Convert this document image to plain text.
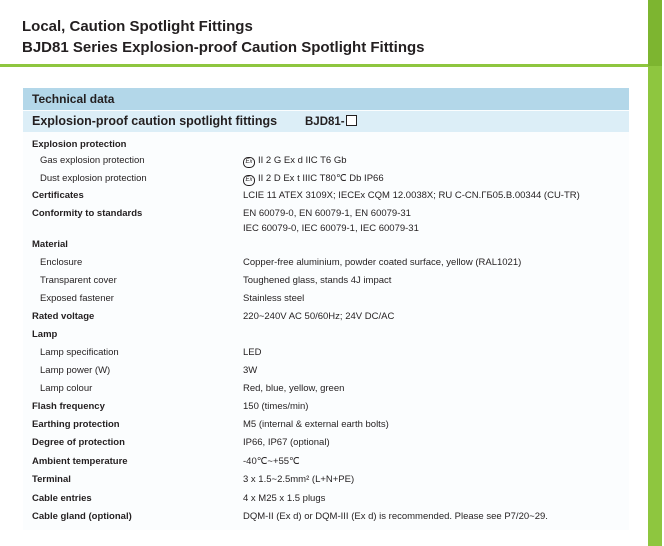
Local, Caution Spotlight Fittings
BJD81 Series Explosion-proof Caution Spotlight Fittings
Technical data
Explosion-proof caution spotlight fittings BJD81-
Explosion protection
Gas explosion protection	Ex II 2 G Ex d IIC T6 Gb
Dust explosion protection	Ex II 2 D Ex t IIIC T80℃ Db IP66
Certificates	LCIE 11 ATEX 3109X; IECEx CQM 12.0038X; RU C-CN.ГБ05.В.00344 (CU-TR)
Conformity to standards	EN 60079-0, EN 60079-1, EN 60079-31
IEC 60079-0, IEC 60079-1, IEC 60079-31
Material
Enclosure	Copper-free aluminium, powder coated surface, yellow (RAL1021)
Transparent cover	Toughened glass, stands 4J impact
Exposed fastener	Stainless steel
Rated voltage	220~240V AC 50/60Hz; 24V DC/AC
Lamp
Lamp specification	LED
Lamp power (W)	3W
Lamp colour	Red, blue, yellow, green
Flash frequency	150 (times/min)
Earthing protection	M5 (internal & external earth bolts)
Degree of protection	IP66, IP67 (optional)
Ambient temperature	-40℃~+55℃
Terminal	3 x 1.5~2.5mm² (L+N+PE)
Cable entries	4 x M25 x 1.5 plugs
Cable gland (optional)	DQM-II (Ex d) or DQM-III (Ex d) is recommended. Please see P7/20~29.
